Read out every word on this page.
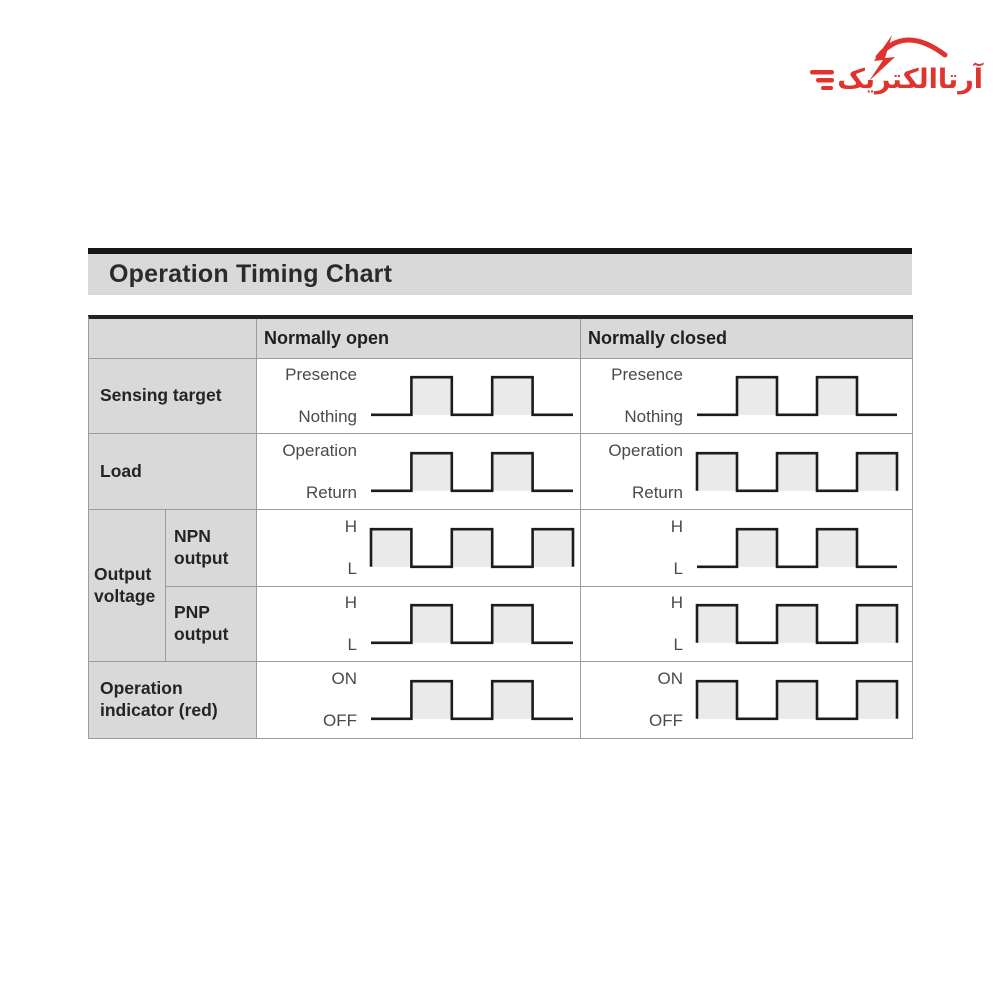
آرتاالکتریک
Operation Timing Chart
Normally open	Normally closed
Sensing target
Presence
Nothing
Presence
Nothing
Load
Operation
Return
Operation
Return
Output voltage
NPN output
H
L
H
L
PNP output
H
L
H
L
Operation indicator (red)
ON
OFF
ON
OFF
